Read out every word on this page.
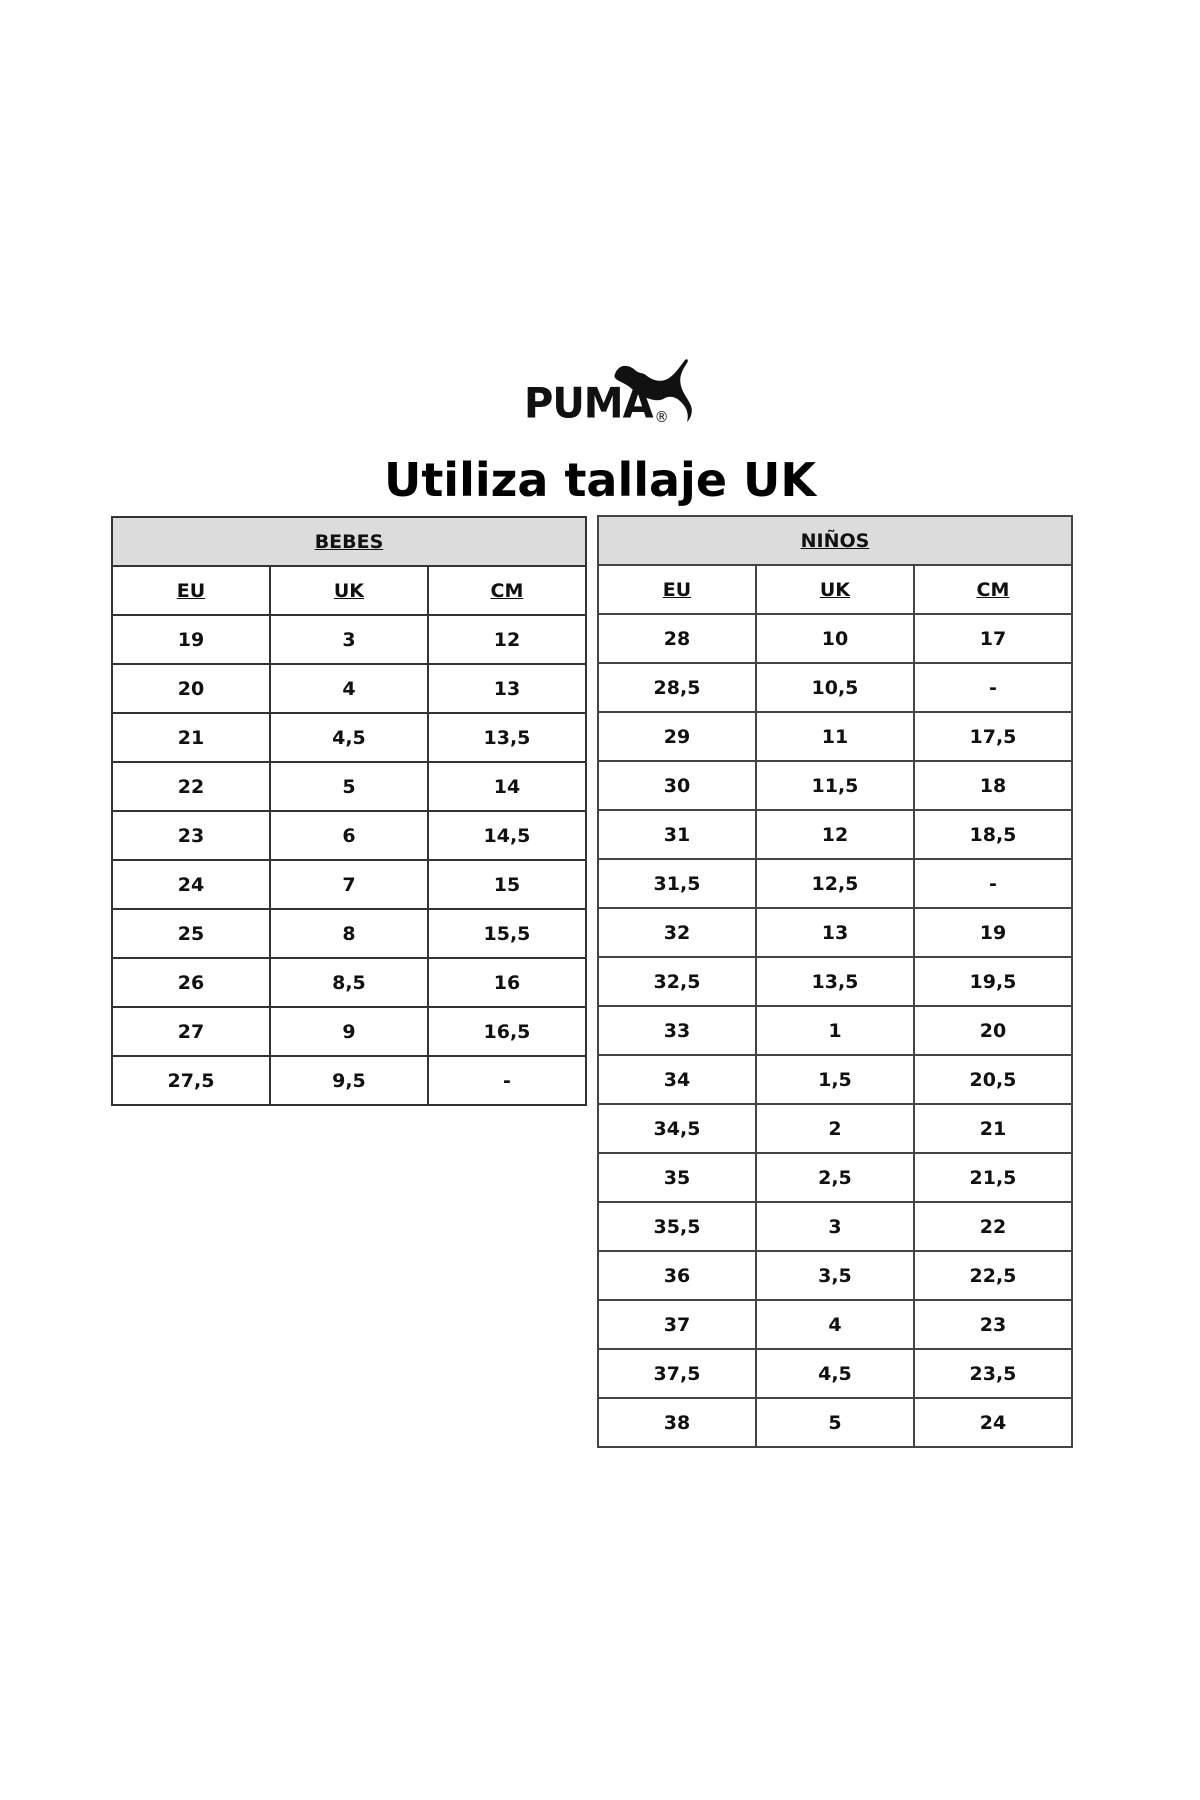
PUMA ®
Utiliza tallaje UK
BEBES		
EU	UK	CM
19	3	12
20	4	13
21	4,5	13,5
22	5	14
23	6	14,5
24	7	15
25	8	15,5
26	8,5	16
27	9	16,5
27,5	9,5	-
NIÑOS		
EU	UK	CM
28	10	17
28,5	10,5	-
29	11	17,5
30	11,5	18
31	12	18,5
31,5	12,5	-
32	13	19
32,5	13,5	19,5
33	1	20
34	1,5	20,5
34,5	2	21
35	2,5	21,5
35,5	3	22
36	3,5	22,5
37	4	23
37,5	4,5	23,5
38	5	24
